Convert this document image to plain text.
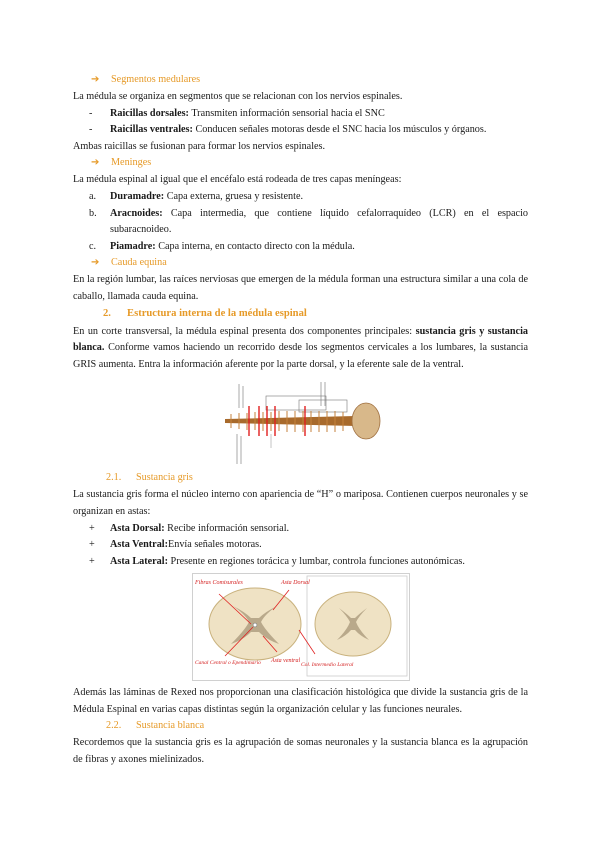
➔ Segmentos medulares

La médula se organiza en segmentos que se relacionan con los nervios espinales.

- Raicillas dorsales: Transmiten información sensorial hacia el SNC
- Raicillas ventrales: Conducen señales motoras desde el SNC hacia los músculos y órganos.

Ambas raicillas se fusionan para formar los nervios espinales.

➔ Meninges

La médula espinal al igual que el encéfalo está rodeada de tres capas meníngeas:

a. Duramadre: Capa externa, gruesa y resistente.
b. Aracnoides: Capa intermedia, que contiene líquido cefalorraquídeo (LCR) en el espacio subaracnoideo.
c. Piamadre: Capa interna, en contacto directo con la médula.
➔ Cauda equina

En la región lumbar, las raíces nerviosas que emergen de la médula forman una estructura similar a una cola de caballo, llamada cauda equina.

2. Estructura interna de la médula espinal

En un corte transversal, la médula espinal presenta dos componentes principales: sustancia gris y sustancia blanca. Conforme vamos haciendo un recorrido desde los segmentos cervicales a los lumbares, la sustancia GRIS aumenta. Entra la información aferente por la parte dorsal, y la eferente sale de la ventral.

2.1. Sustancia gris

La sustancia gris forma el núcleo interno con apariencia de “H” o mariposa. Contienen cuerpos neuronales y se organizan en astas:

+ Asta Dorsal: Recibe información sensorial.
+ Asta Ventral:Envía señales motoras.
+ Asta Lateral: Presente en regiones torácica y lumbar, controla funciones autonómicas.
Fibras Comisurales	Asta Dorsal
Canal Central o Ependimario Asta ventral
Col. Intermedio Lateral

Además las láminas de Rexed nos proporcionan una clasificación histológica que divide la sustancia gris de la Médula Espinal en varias capas distintas según la organización celular y las funciones neurales.

2.2. Sustancia blanca

Recordemos que la sustancia gris es la agrupación de somas neuronales y la sustancia blanca es la agrupación de fibras y axones mielinizados.
